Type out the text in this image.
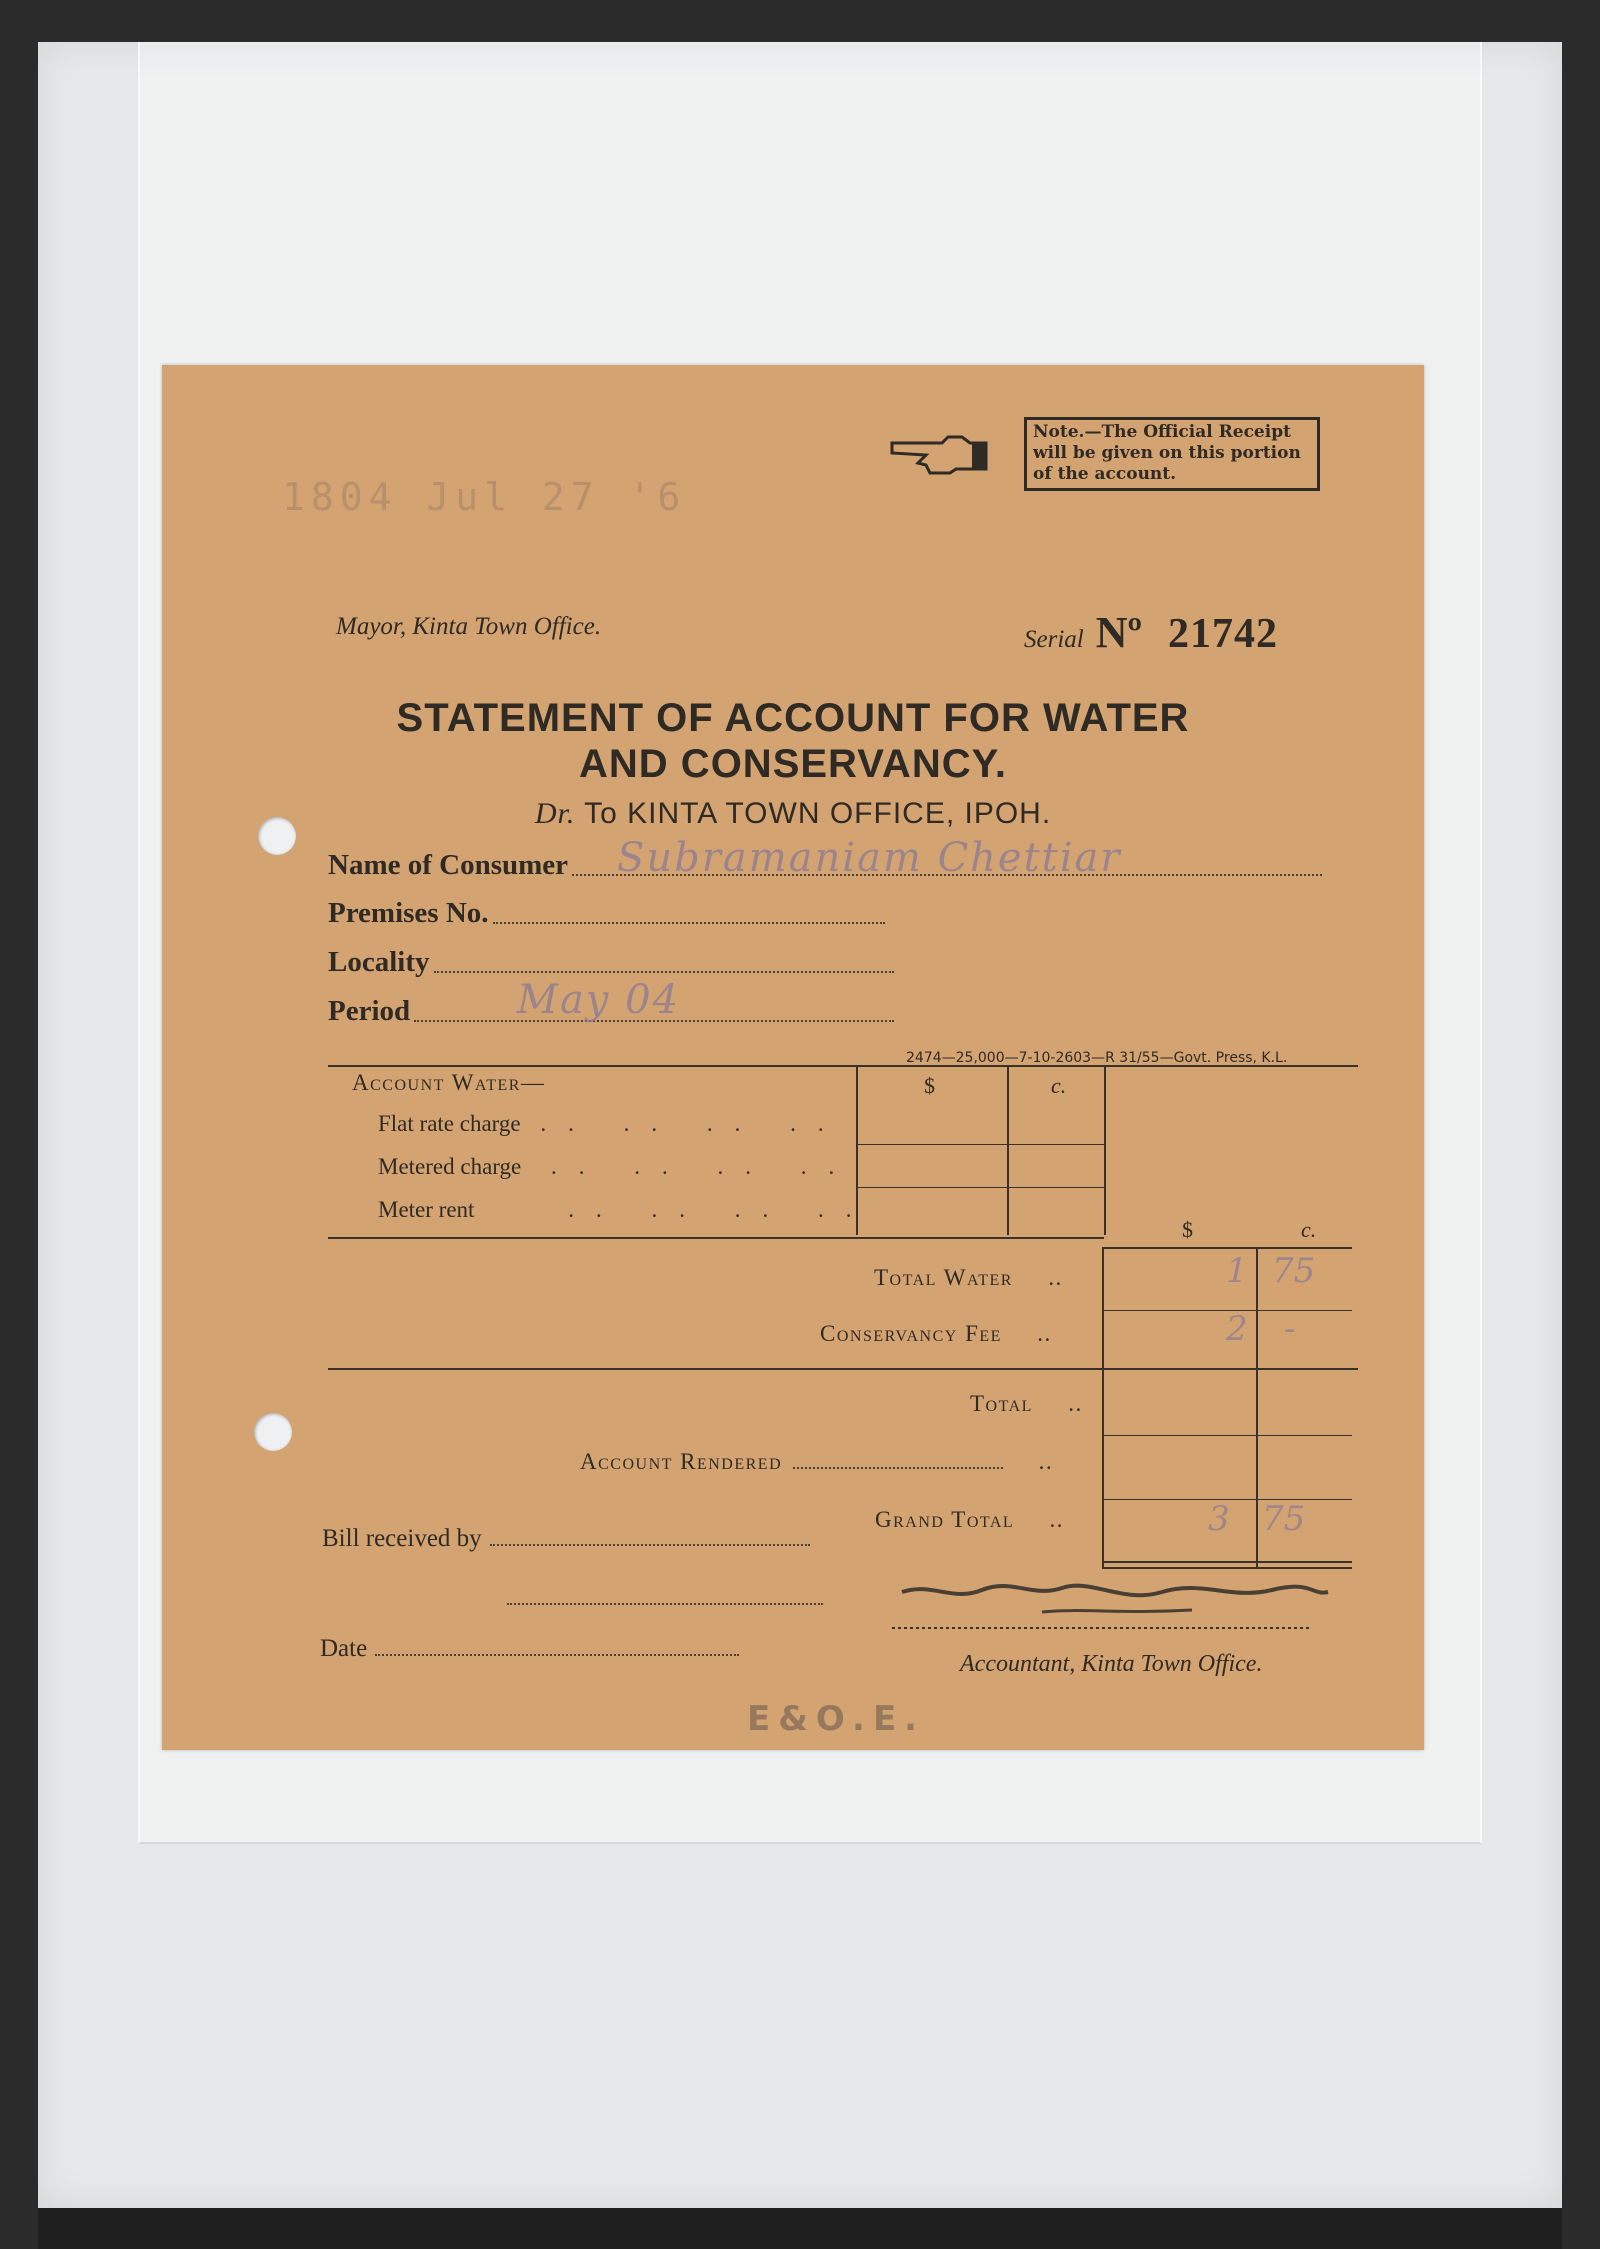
1804 Jul 27 '6
Note.—The Official Receipt
will be given on this portion
of the account.
Mayor, Kinta Town Office.	Serial Nº 21742
STATEMENT OF ACCOUNT FOR WATER
AND CONSERVANCY.
Dr. To KINTA TOWN OFFICE, IPOH.
Name of Consumer Subramaniam Chettiar
Premises No.
Locality
Period	May 04
2474—25,000—7-10-2603—R 31/55—Govt. Press, K.L.
Account Water—	$	c.
Flat rate charge .. .. .. ..
Metered charge .. .. .. ..
Meter rent	.. .. .. ..
$	c.
Total Water ..	1 75
Conservancy Fee ..	2 -
Total ..
Account Rendered	..
Grand Total ..	3 75
Bill received by
Date
Accountant, Kinta Town Office.
E&O.E.
